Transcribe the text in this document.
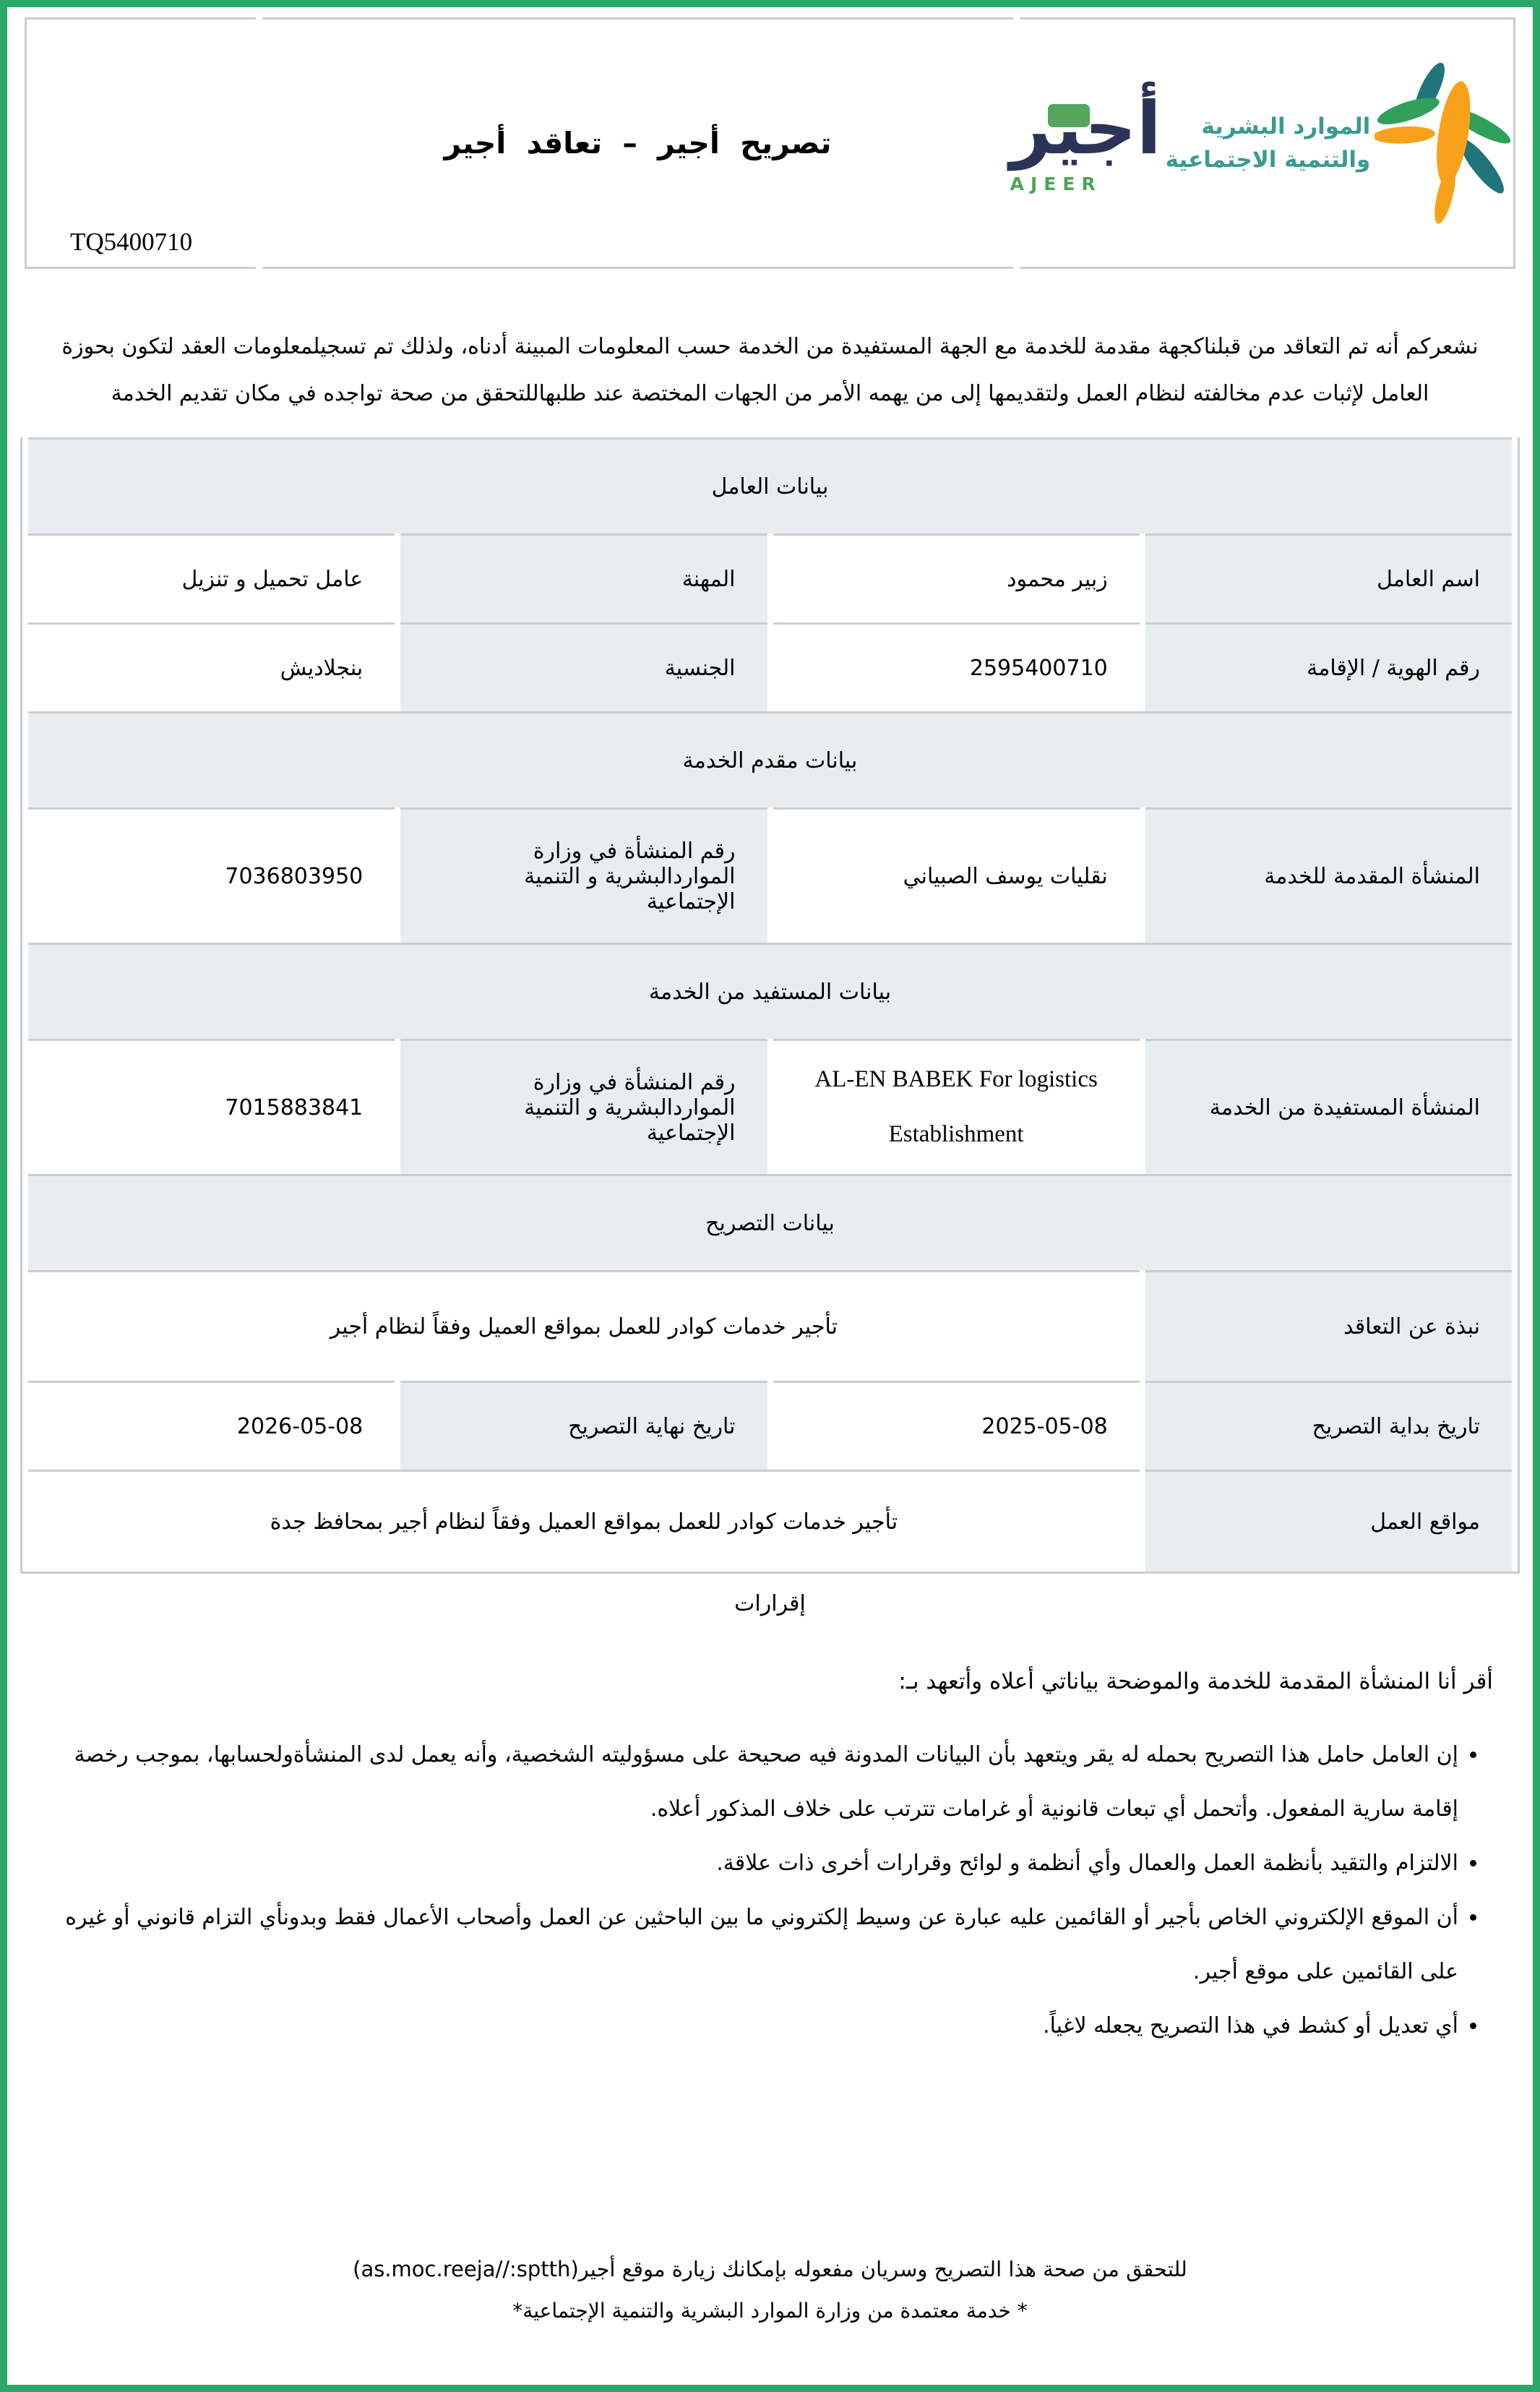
TQ5400710
	تصريح أجير – تعاقد أجير	أجير
AJEER
الموارد البشرية
والتنمية الاجتماعية
نشعركم أنه تم التعاقد من قبلناكجهة مقدمة للخدمة مع الجهة المستفيدة من الخدمة حسب المعلومات المبينة أدناه، ولذلك تم تسجيلمعلومات العقد لتكون بحوزة العامل لإثبات عدم مخالفته لنظام العمل ولتقديمها إلى من يهمه الأمر من الجهات المختصة عند طلبهاللتحقق من صحة تواجده في مكان تقديم الخدمة
بيانات العامل			
اسم العامل	زبير محمود	المهنة	عامل تحميل و تنزيل
رقم الهوية / الإقامة	2595400710	الجنسية	بنجلاديش
بيانات مقدم الخدمة			
المنشأة المقدمة للخدمة	نقليات يوسف الصبياني	رقم المنشأة في وزارة المواردالبشرية و التنمية الإجتماعية	7036803950
بيانات المستفيد من الخدمة			
المنشأة المستفيدة من الخدمة	AL-EN BABEK For logistics Establishment	رقم المنشأة في وزارة المواردالبشرية و التنمية الإجتماعية	7015883841
بيانات التصريح			
نبذة عن التعاقد	تأجير خدمات كوادر للعمل بمواقع العميل وفقاً لنظام أجير		
تاريخ بداية التصريح	2025-05-08	تاريخ نهاية التصريح	2026-05-08
مواقع العمل	تأجير خدمات كوادر للعمل بمواقع العميل وفقاً لنظام أجير بمحافظ جدة		
إقرارات
أقر أنا المنشأة المقدمة للخدمة والموضحة بياناتي أعلاه وأتعهد بـ:
• إن العامل حامل هذا التصريح بحمله له يقر ويتعهد بأن البيانات المدونة فيه صحيحة على مسؤوليته الشخصية، وأنه يعمل لدى المنشأةولحسابها، بموجب رخصة إقامة سارية المفعول. وأتحمل أي تبعات قانونية أو غرامات تترتب على خلاف المذكور أعلاه.
• الالتزام والتقيد بأنظمة العمل والعمال وأي أنظمة و لوائح وقرارات أخرى ذات علاقة.
• أن الموقع الإلكتروني الخاص بأجير أو القائمين عليه عبارة عن وسيط إلكتروني ما بين الباحثين عن العمل وأصحاب الأعمال فقط وبدونأي التزام قانوني أو غيره على القائمين على موقع أجير.
• أي تعديل أو كشط في هذا التصريح يجعله لاغياً.
للتحقق من صحة هذا التصريح وسريان مفعوله بإمكانك زيارة موقع أجير(as.moc.reeja//:sptth)
* خدمة معتمدة من وزارة الموارد البشرية والتنمية الإجتماعية*
